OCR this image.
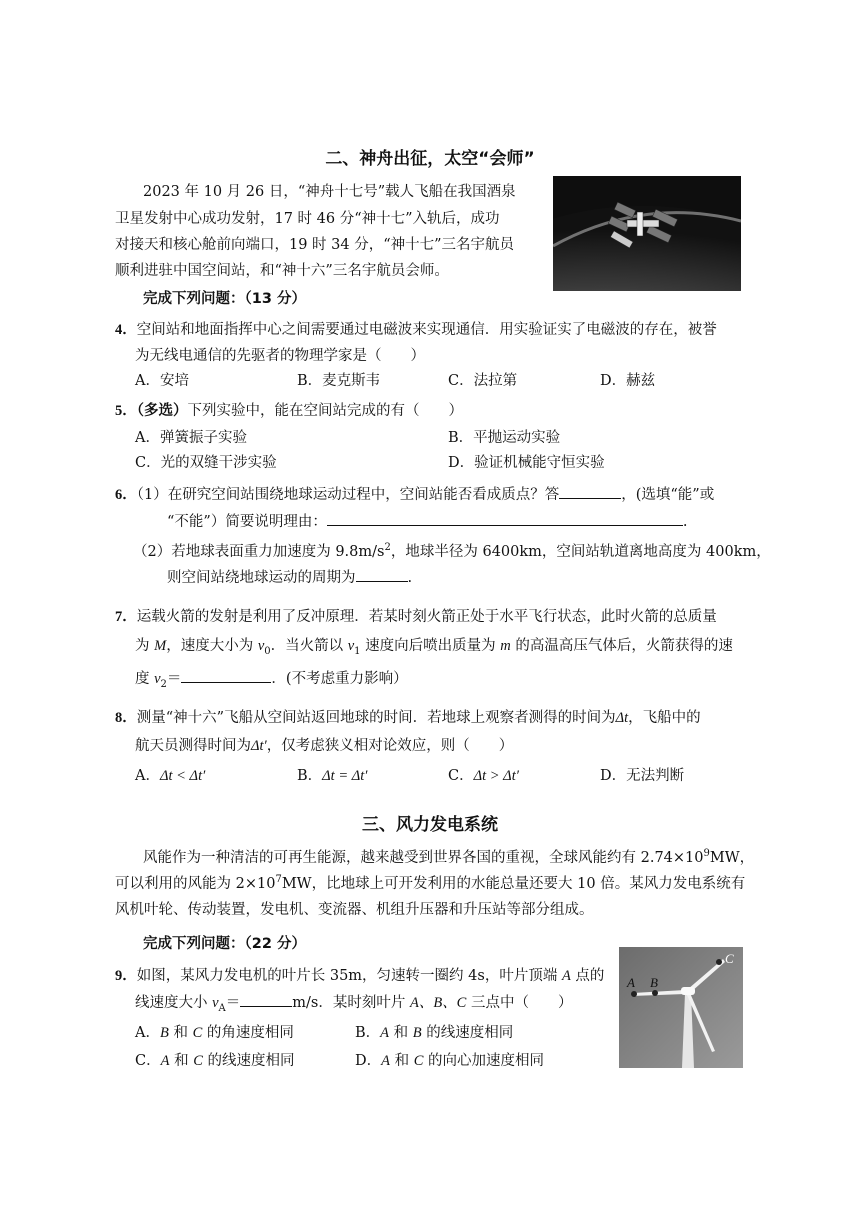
二、神舟出征，太空“会师”
2023 年 10 月 26 日，“神舟十七号”载人飞船在我国酒泉
卫星发射中心成功发射，17 时 46 分“神十七”入轨后，成功
对接天和核心舱前向端口，19 时 34 分，“神十七”三名宇航员
顺利进驻中国空间站，和“神十六”三名宇航员会师。
完成下列问题：（13 分）
4．空间站和地面指挥中心之间需要通过电磁波来实现通信．用实验证实了电磁波的存在，被誉
为无线电通信的先驱者的物理学家是（　　）
A．安培	B．麦克斯韦	C．法拉第	D．赫兹
5．（多选）下列实验中，能在空间站完成的有（　　）
A．弹簧振子实验	B．平抛运动实验
C．光的双缝干涉实验	D．验证机械能守恒实验
6．（1）在研究空间站围绕地球运动过程中，空间站能否看成质点？答	，(选填“能”或
“不能”）简要说明理由：	.
（2）若地球表面重力加速度为 $9.8m/s^2$，地球半径为 6400km，空间站轨道离地高度为 400km，
则空间站绕地球运动的周期为	.
7．运载火箭的发射是利用了反冲原理．若某时刻火箭正处于水平飞行状态，此时火箭的总质量
为 M，速度大小为 $v_0$．当火箭以 $v_1$ 速度向后喷出质量为 m 的高温高压气体后，火箭获得的速
度 $v_2=$	．(不考虑重力影响）
8．测量“神十六”飞船从空间站返回地球的时间．若地球上观察者测得的时间为Δt，飞船中的
航天员测得时间为Δt′，仅考虑狭义相对论效应，则（　　）
A．Δt < Δt′	B．Δt = Δt′	C．Δt > Δt′	D．无法判断
三、风力发电系统
风能作为一种清洁的可再生能源，越来越受到世界各国的重视，全球风能约有 $2.74\times 10^9MW$，
可以利用的风能为 $2\times 10^7MW$，比地球上可开发利用的水能总量还要大 10 倍。某风力发电系统有
风机叶轮、传动装置，发电机、变流器、机组升压器和升压站等部分组成。
完成下列问题：（22 分）
9．如图，某风力发电机的叶片长 35m，匀速转一圈约 4s，叶片顶端 A 点的
线速度大小 $v_A=$	m/s．某时刻叶片 A、B、C 三点中（　　）
A．B 和 C 的角速度相同	B．A 和 B 的线速度相同
C．A 和 C 的线速度相同	D．A 和 C 的向心加速度相同
A B
C
